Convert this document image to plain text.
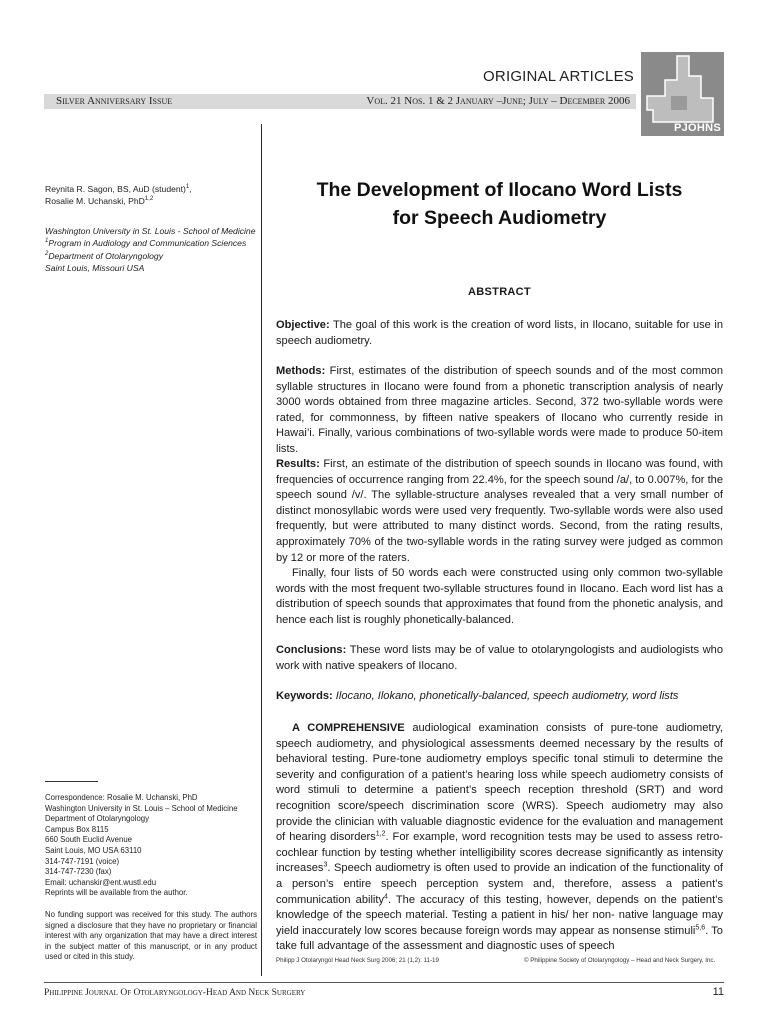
ORIGINAL ARTICLES
Silver Anniversary Issue	Vol. 21 Nos. 1 & 2 January –June; July – December 2006
PJOHNS
Reynita R. Sagon, BS, AuD (student)$^1$,
Rosalie M. Uchanski, PhD$^{1,2}$
Washington University in St. Louis - School of Medicine
$^1$Program in Audiology and Communication Sciences
$^2$Department of Otolaryngology
Saint Louis, Missouri USA
Correspondence: Rosalie M. Uchanski, PhD
Washington University in St. Louis – School of Medicine
Department of Otolaryngology
Campus Box 8115
660 South Euclid Avenue
Saint Louis, MO USA 63110
314-747-7191 (voice)
314-747-7230 (fax)
Email: uchanskir@ent.wustl.edu
Reprints will be available from the author.
No funding support was received for this study. The authors signed a disclosure that they have no proprietary or financial interest with any organization that may have a direct interest in the subject matter of this manuscript, or in any product used or cited in this study.
The Development of Ilocano Word Lists
for Speech Audiometry
ABSTRACT
Objective: The goal of this work is the creation of word lists, in Ilocano, suitable for use in speech audiometry.
Methods: First, estimates of the distribution of speech sounds and of the most common syllable structures in Ilocano were found from a phonetic transcription analysis of nearly 3000 words obtained from three magazine articles. Second, 372 two-syllable words were rated, for commonness, by fifteen native speakers of Ilocano who currently reside in Hawai’i. Finally, various combinations of two-syllable words were made to produce 50-item lists.
Results: First, an estimate of the distribution of speech sounds in Ilocano was found, with frequencies of occurrence ranging from 22.4%, for the speech sound /a/, to 0.007%, for the speech sound /v/. The syllable-structure analyses revealed that a very small number of distinct monosyllabic words were used very frequently. Two-syllable words were also used frequently, but were attributed to many distinct words. Second, from the rating results, approximately 70% of the two-syllable words in the rating survey were judged as common by 12 or more of the raters.
Finally, four lists of 50 words each were constructed using only common two-syllable words with the most frequent two-syllable structures found in Ilocano. Each word list has a distribution of speech sounds that approximates that found from the phonetic analysis, and hence each list is roughly phonetically-balanced.
Conclusions: These word lists may be of value to otolaryngologists and audiologists who work with native speakers of Ilocano.
Keywords: Ilocano, Ilokano, phonetically-balanced, speech audiometry, word lists
A COMPREHENSIVE audiological examination consists of pure-tone audiometry, speech audiometry, and physiological assessments deemed necessary by the results of behavioral testing. Pure-tone audiometry employs specific tonal stimuli to determine the severity and configuration of a patient’s hearing loss while speech audiometry consists of word stimuli to determine a patient’s speech reception threshold (SRT) and word recognition score/speech discrimination score (WRS). Speech audiometry may also provide the clinician with valuable diagnostic evidence for the evaluation and management of hearing disorders$^{1,2}$. For example, word recognition tests may be used to assess retro-cochlear function by testing whether intelligibility scores decrease significantly as intensity increases$^3$. Speech audiometry is often used to provide an indication of the functionality of a person’s entire speech perception system and, therefore, assess a patient’s communication ability$^4$. The accuracy of this testing, however, depends on the patient’s knowledge of the speech material. Testing a patient in his/ her non- native language may yield inaccurately low scores because foreign words may appear as nonsense stimuli$^{5,6}$. To take full advantage of the assessment and diagnostic uses of speech
Philipp J Otolaryngol Head Neck Surg 2006; 21 (1,2): 11-19	© Philippine Society of Otolaryngology – Head and Neck Surgery, Inc.
Philippine Journal Of Otolaryngology-Head And Neck Surgery	11
